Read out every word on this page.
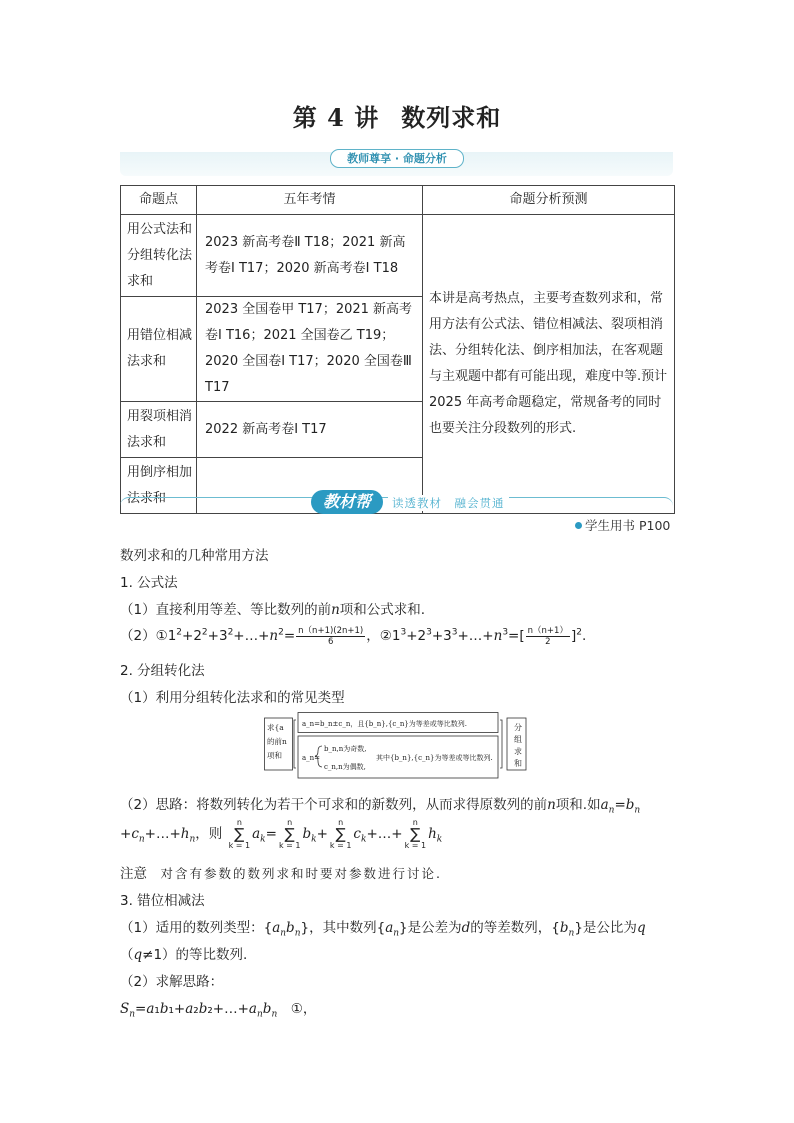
第 4 讲 数列求和
教师尊享 · 命题分析
命题点	五年考情	命题分析预测
用公式法和分组转化法求和	2023 新高考卷Ⅱ T18；2021 新高考卷Ⅰ T17；2020 新高考卷Ⅰ T18	本讲是高考热点，主要考查数列求和，常用方法有公式法、错位相减法、裂项相消法、分组转化法、倒序相加法，在客观题与主观题中都有可能出现，难度中等.预计 2025 年高考命题稳定，常规备考的同时也要关注分段数列的形式.
用错位相减法求和	2023 全国卷甲 T17；2021 新高考卷Ⅰ T16；2021 全国卷乙 T19；2020 全国卷Ⅰ T17；2020 全国卷Ⅲ T17	
用裂项相消法求和	2022 新高考卷Ⅰ T17	
用倒序相加法求和			教材帮	读透教材　融会贯通
学生用书 P100
数列求和的几种常用方法
1. 公式法
（1）直接利用等差、等比数列的前n项和公式求和.
$(2)①1^2+2^2+3^2+\dots+n^2= \frac{n(n+1)(2n+1)}{6}$ ，$②1^3+2^3+3^3+\dots+n^3=[ \frac{n(n+1)}{2} ]^2$.
2. 分组转化法
（1）利用分组转化法求和的常见类型
求{a
的前n
项和
a_n=b_n±c_n，且{b_n},{c_n}为等差或等比数列.
a_n=
b_n,n为奇数,
c_n,n为偶数,
其中{b_n},{c_n}为等差或等比数列.
分
组
求
和
（2）思路：将数列转化为若干个可求和的新数列，从而求得原数列的前n项和.如$a_n=b_n$
$+c_n+\dots+h_n$，则 n
∑
$k = 1a_k=n$
∑
$k = 1b_k+n$
∑
$k = 1c_k+\dots+n$
∑
$k = 1h_k$
注意　 对含有参数的数列求和时要对参数进行讨论.
3. 错位相减法
（1）适用的数列类型：$\{a_nb_n\}$，其中数列$\{a_n\}$是公差为d的等差数列，$\{b_n\}$是公比为q
（q≠1）的等比数列.
（2）求解思路：
$S_n=a_1b_1+a_2b_2+\dots+a_nb_n$　 ①，
